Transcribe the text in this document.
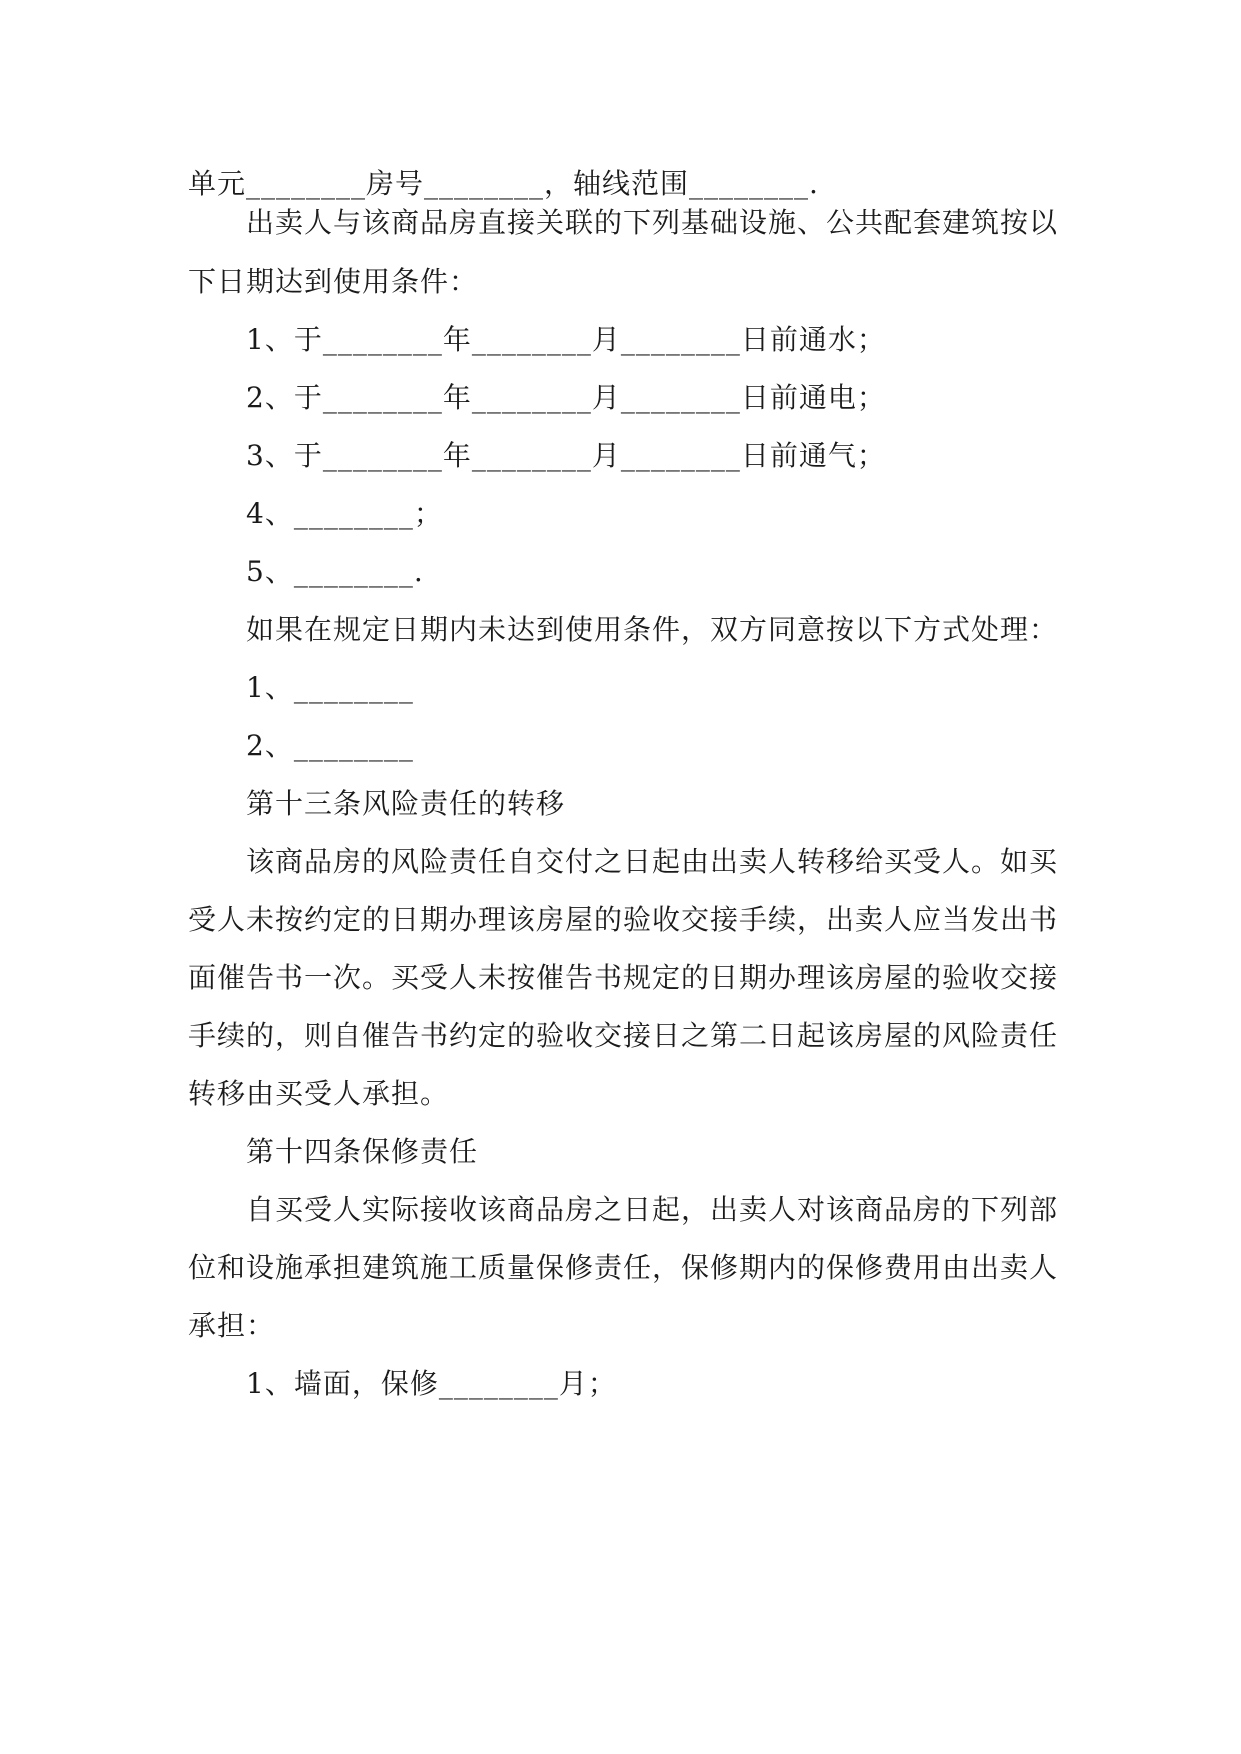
单元________房号________，轴线范围________.
出卖人与该商品房直接关联的下列基础设施、公共配套建筑按以
下日期达到使用条件：
1、于________年________月________日前通水；
2、于________年________月________日前通电；
3、于________年________月________日前通气；
4、________；
5、________.
如果在规定日期内未达到使用条件，双方同意按以下方式处理：
1、________
2、________
第十三条风险责任的转移
该商品房的风险责任自交付之日起由出卖人转移给买受人。如买
受人未按约定的日期办理该房屋的验收交接手续，出卖人应当发出书
面催告书一次。买受人未按催告书规定的日期办理该房屋的验收交接
手续的，则自催告书约定的验收交接日之第二日起该房屋的风险责任
转移由买受人承担。
第十四条保修责任
自买受人实际接收该商品房之日起，出卖人对该商品房的下列部
位和设施承担建筑施工质量保修责任，保修期内的保修费用由出卖人
承担：
1、墙面，保修________月；
